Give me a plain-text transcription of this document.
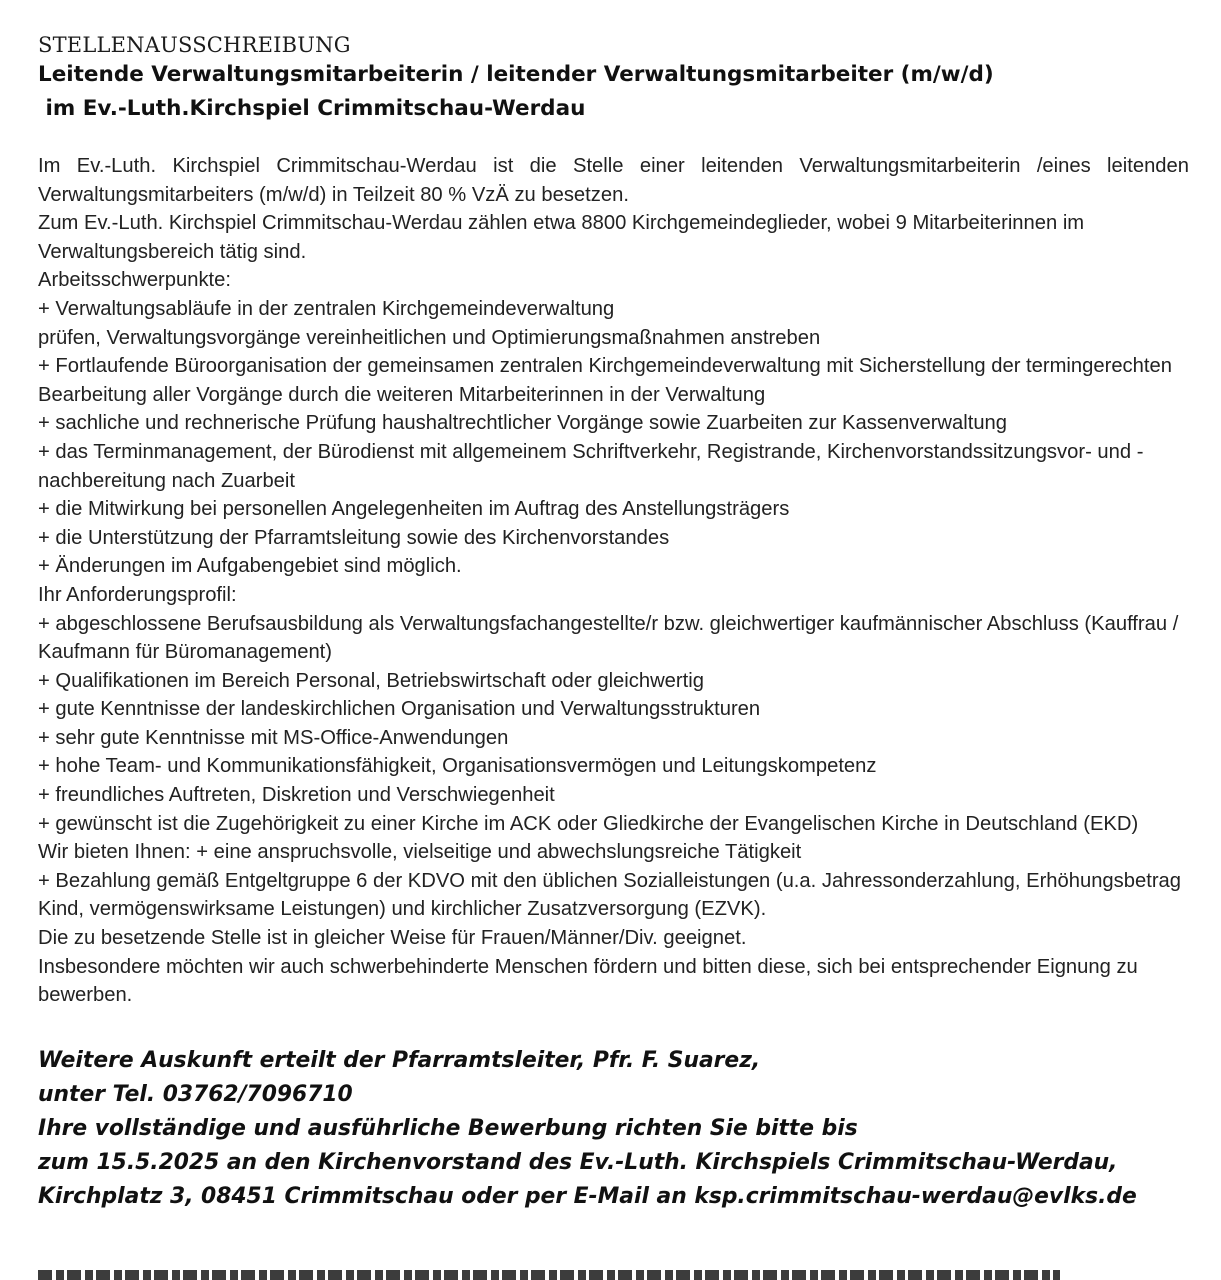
STELLENAUSSCHREIBUNG

Leitende Verwaltungsmitarbeiterin / leitender Verwaltungsmitarbeiter (m/w/d)
im Ev.-Luth.Kirchspiel Crimmitschau-Werdau

Im Ev.-Luth. Kirchspiel Crimmitschau-Werdau ist die Stelle einer leitenden Verwaltungsmitarbeiterin /eines leitenden Verwaltungsmitarbeiters (m/w/d) in Teilzeit 80 % VzÄ zu besetzen.

Zum Ev.-Luth. Kirchspiel Crimmitschau-Werdau zählen etwa 8800 Kirchgemeindeglieder, wobei 9 Mitarbeiterinnen im Verwaltungsbereich tätig sind.

Arbeitsschwerpunkte:

+ Verwaltungsabläufe in der zentralen Kirchgemeindeverwaltung

prüfen, Verwaltungsvorgänge vereinheitlichen und Optimierungsmaßnahmen anstreben

+ Fortlaufende Büroorganisation der gemeinsamen zentralen Kirchgemeindeverwaltung mit Sicherstellung der termingerechten Bearbeitung aller Vorgänge durch die weiteren Mitarbeiterinnen in der Verwaltung

+ sachliche und rechnerische Prüfung haushaltrechtlicher Vorgänge sowie Zuarbeiten zur Kassenverwaltung

+ das Terminmanagement, der Bürodienst mit allgemeinem Schriftverkehr, Registrande, Kirchenvorstandssitzungsvor- und -nachbereitung nach Zuarbeit

+ die Mitwirkung bei personellen Angelegenheiten im Auftrag des Anstellungsträgers

+ die Unterstützung der Pfarramtsleitung sowie des Kirchenvorstandes

+ Änderungen im Aufgabengebiet sind möglich.

Ihr Anforderungsprofil:

+ abgeschlossene Berufsausbildung als Verwaltungsfachangestellte/r bzw. gleichwertiger kaufmännischer Abschluss (Kauffrau / Kaufmann für Büromanagement)

+ Qualifikationen im Bereich Personal, Betriebswirtschaft oder gleichwertig

+ gute Kenntnisse der landeskirchlichen Organisation und Verwaltungsstrukturen

+ sehr gute Kenntnisse mit MS-Office-Anwendungen

+ hohe Team- und Kommunikationsfähigkeit, Organisationsvermögen und Leitungskompetenz

+ freundliches Auftreten, Diskretion und Verschwiegenheit

+ gewünscht ist die Zugehörigkeit zu einer Kirche im ACK oder Gliedkirche der Evangelischen Kirche in Deutschland (EKD)

Wir bieten Ihnen: + eine anspruchsvolle, vielseitige und abwechslungsreiche Tätigkeit

+ Bezahlung gemäß Entgeltgruppe 6 der KDVO mit den üblichen Sozialleistungen (u.a. Jahressonderzahlung, Erhöhungsbetrag Kind, vermögenswirksame Leistungen) und kirchlicher Zusatzversorgung (EZVK).

Die zu besetzende Stelle ist in gleicher Weise für Frauen/Männer/Div. geeignet.

Insbesondere möchten wir auch schwerbehinderte Menschen fördern und bitten diese, sich bei entsprechender Eignung zu bewerben.

Weitere Auskunft erteilt der Pfarramtsleiter, Pfr. F. Suarez,
unter Tel. 03762/7096710
Ihre vollständige und ausführliche Bewerbung richten Sie bitte bis
zum 15.5.2025 an den Kirchenvorstand des Ev.-Luth. Kirchspiels Crimmitschau-Werdau,
Kirchplatz 3, 08451 Crimmitschau oder per E-Mail an ksp.crimmitschau-werdau@evlks.de
